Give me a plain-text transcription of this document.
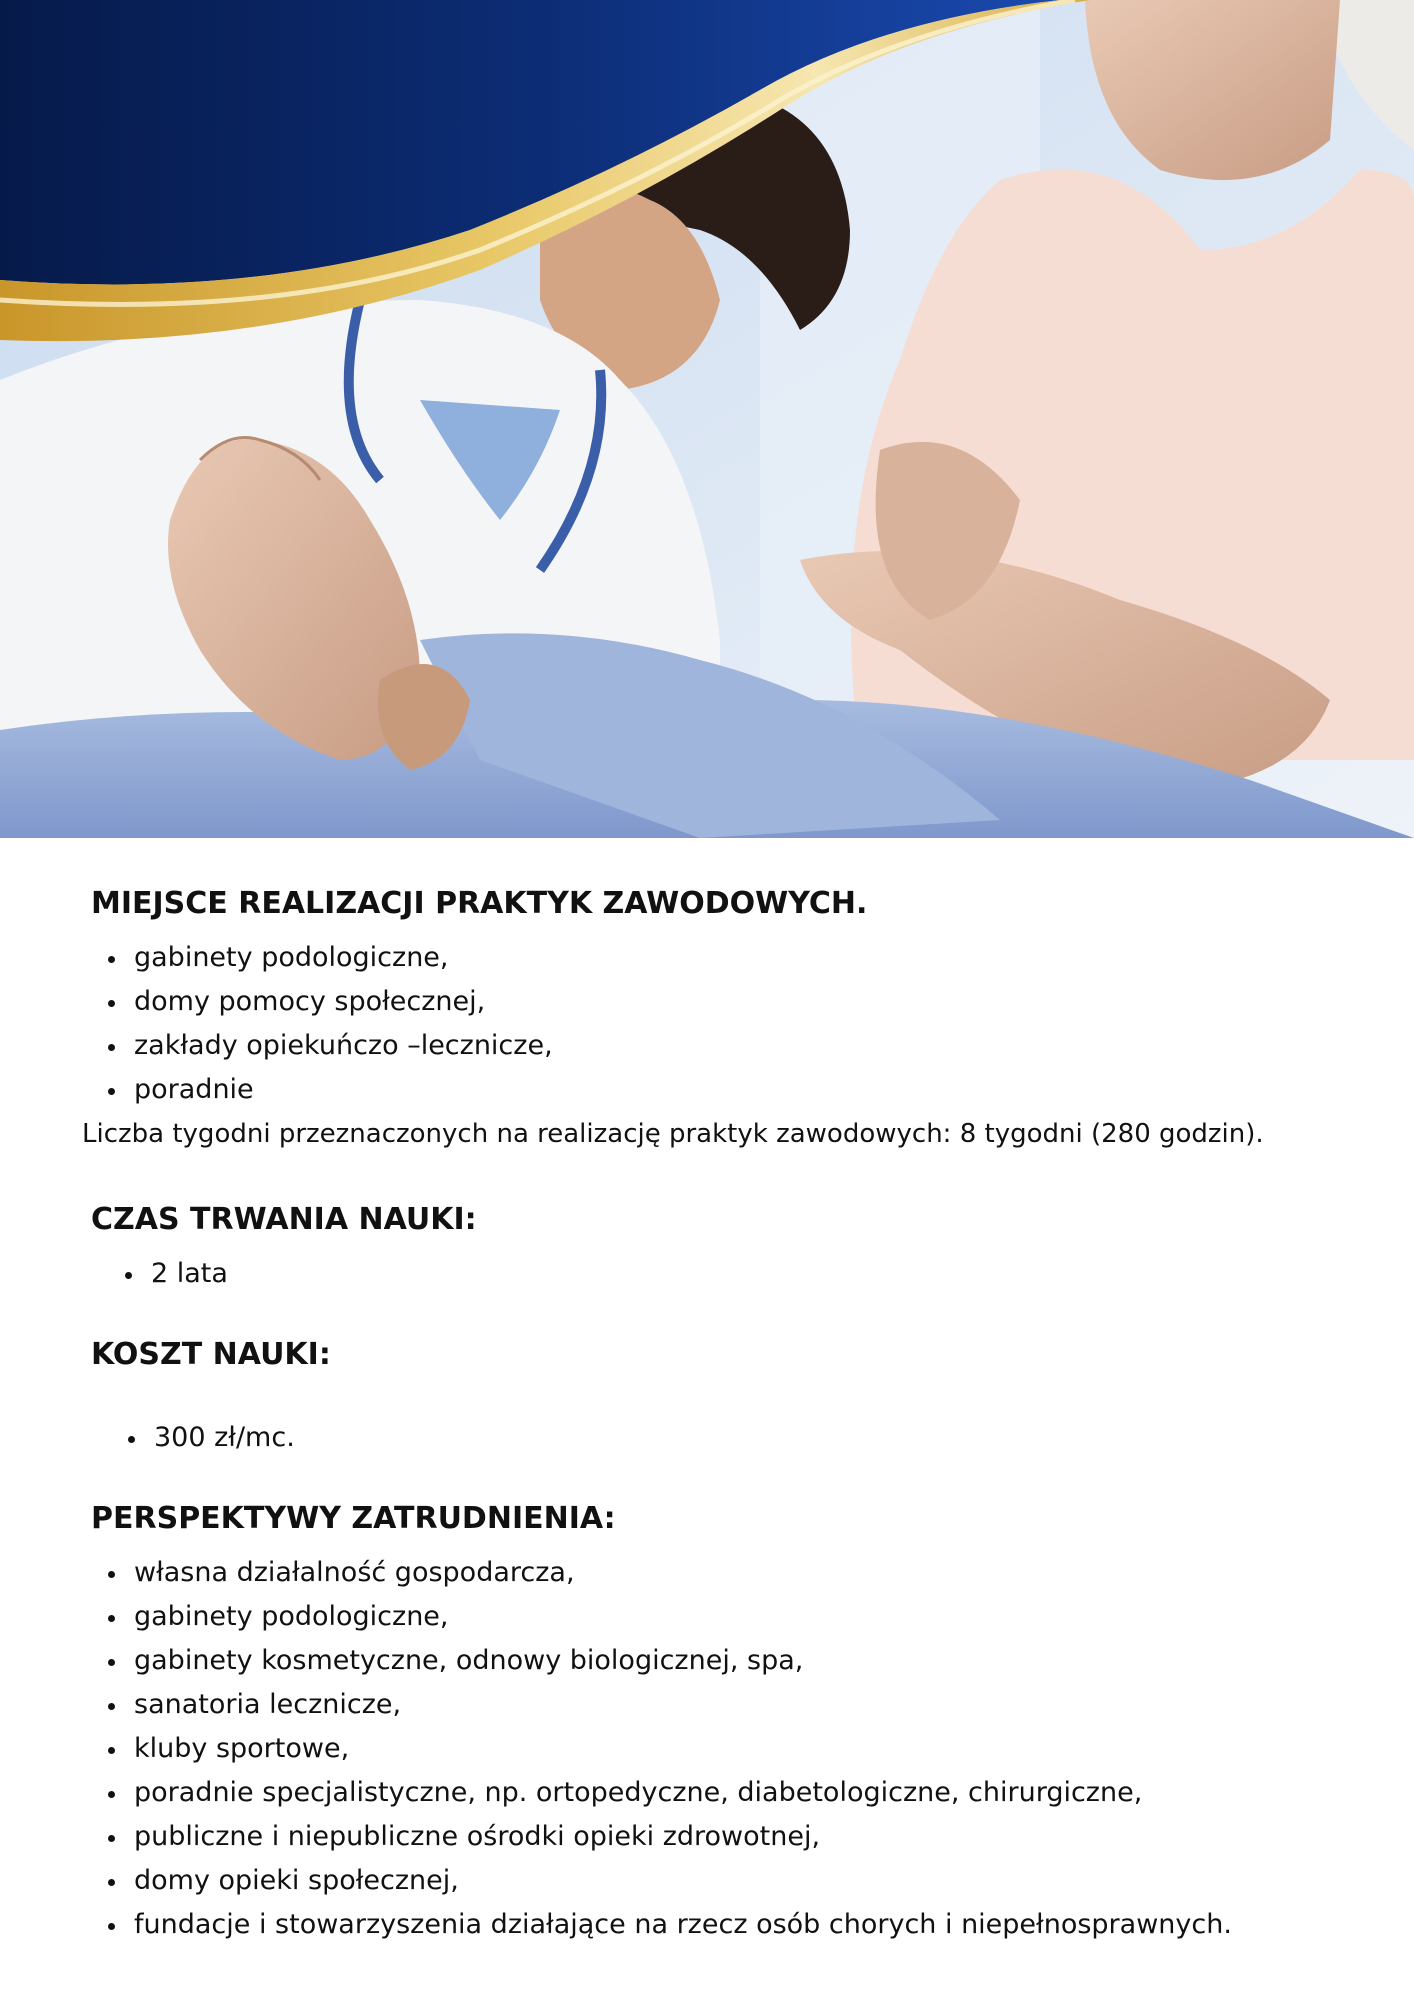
MIEJSCE REALIZACJI PRAKTYK ZAWODOWYCH.
gabinety podologiczne,
domy pomocy społecznej,
zakłady opiekuńczo –lecznicze,
poradnie
Liczba tygodni przeznaczonych na realizację praktyk zawodowych: 8 tygodni (280 godzin).
CZAS TRWANIA NAUKI:
2 lata
KOSZT NAUKI:
300 zł/mc.
PERSPEKTYWY ZATRUDNIENIA:
własna działalność gospodarcza,
gabinety podologiczne,
gabinety kosmetyczne, odnowy biologicznej, spa,
sanatoria lecznicze,
kluby sportowe,
poradnie specjalistyczne, np. ortopedyczne, diabetologiczne, chirurgiczne,
publiczne i niepubliczne ośrodki opieki zdrowotnej,
domy opieki społecznej,
fundacje i stowarzyszenia działające na rzecz osób chorych i niepełnosprawnych.
